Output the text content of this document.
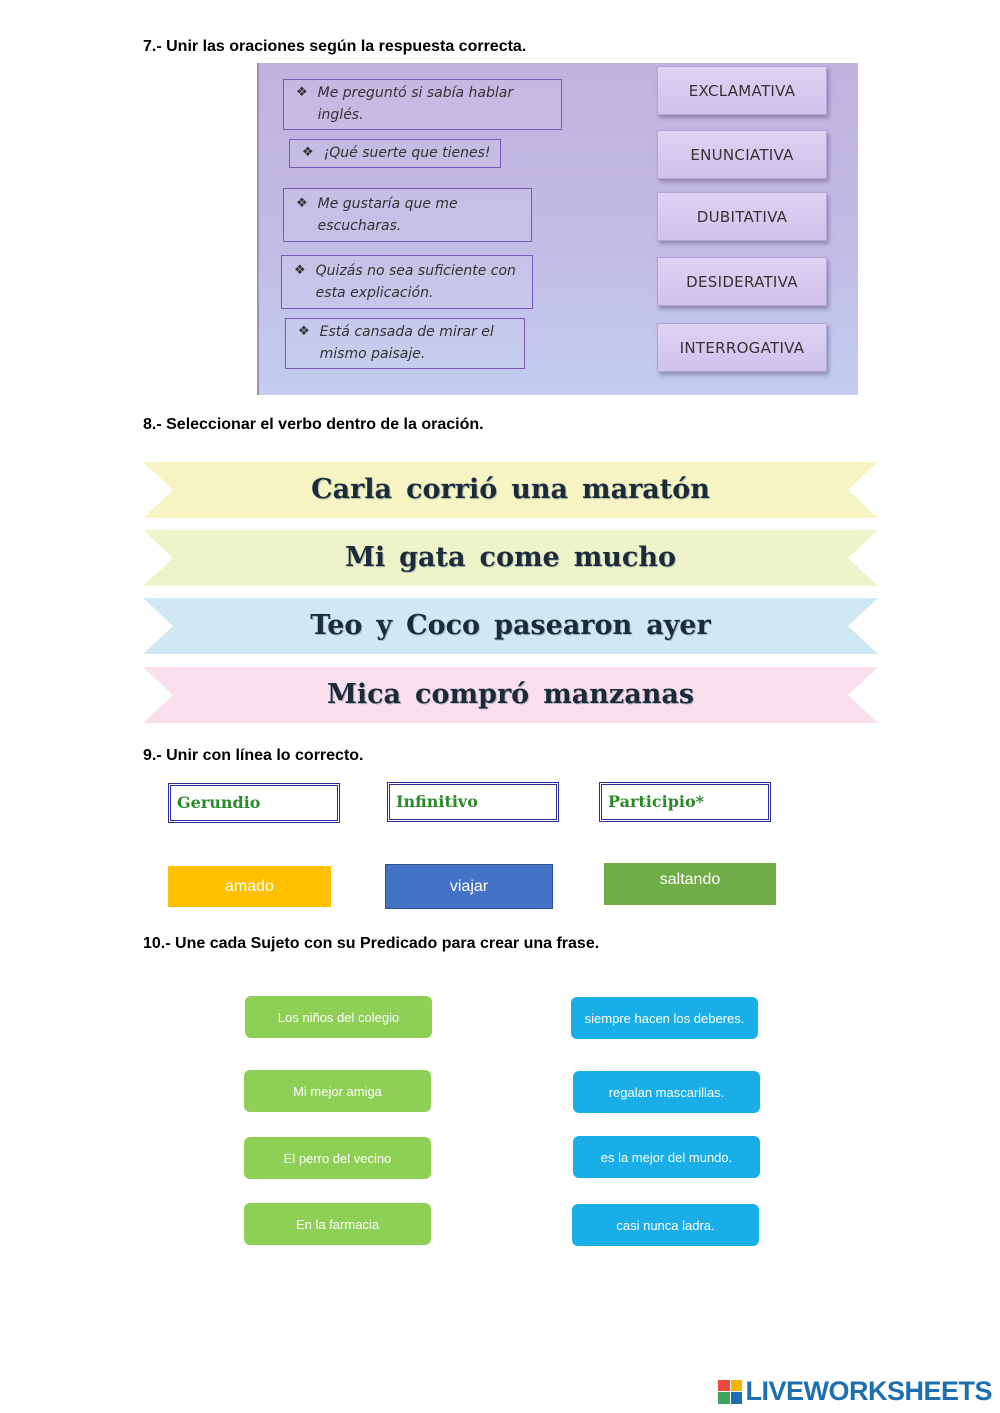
7.- Unir las oraciones según la respuesta correcta.
❖ Me preguntó si sabía hablar inglés.
❖ ¡Qué suerte que tienes!
❖ Me gustaría que me escucharas.
❖ Quizás no sea suficiente con esta explicación.
❖ Está cansada de mirar el mismo paisaje.
EXCLAMATIVA
ENUNCIATIVA
DUBITATIVA
DESIDERATIVA
INTERROGATIVA
8.- Seleccionar el verbo dentro de la oración.
Carla corrió una maratón
Mi gata come mucho
Teo y Coco pasearon ayer
Mica compró manzanas
9.- Unir con línea lo correcto.
Gerundio	Infinitivo	Participio*
amado	viajar	saltando
10.- Une cada Sujeto con su Predicado para crear una frase.
Los niños del colegio
Mi mejor amiga
El perro del vecino
En la farmacia
siempre hacen los deberes.
regalan mascarillas.
es la mejor del mundo.
casi nunca ladra.
LIVEWORKSHEETS
